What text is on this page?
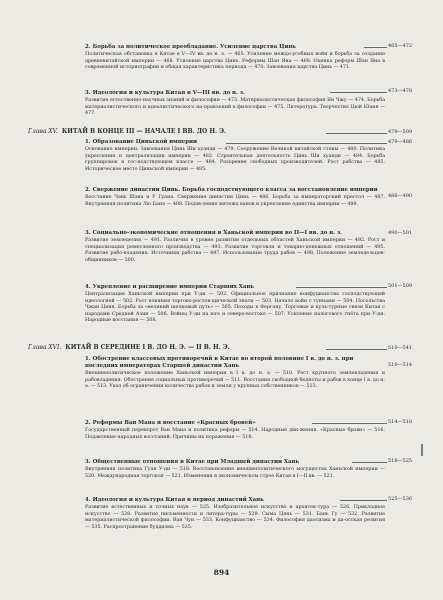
2. Борьба за политическое преобладание. Усиление царства Цинь
Политическая обстановка в Китае в V—IV вв. до н. э. — 465. Усиление междо-усобных войн и борьба за создание древнекитайской империи — 468. Усиление царства Цинь. Реформы Шан Яна — 468. Оценка реформ Шан Яна в современной историографии и общая характеристика периода — 470. Завоевания царства Цинь — 471.
465—472
3. Идеология и культура Китая в V—III вв. до н. э.
Развитие естественно-научных знаний и философии — 473. Материалистическая философия Ян Чжу — 474. Борьба материалистического и идеалистического на-правлений в философии — 475. Литература. Творчество Цюй Юаня — 477.
473—478
Глава XV. КИТАЙ В КОНЦЕ III — НАЧАЛЕ I ВВ. ДО Н. Э.	479—509
1. Образование Циньской империи
Основание империи. Завоевания Цинь Ши хуанди — 479. Сооружение Великой китайской стены — 480. Политика укрепления и централизации империи — 482. Строительная деятельность Цинь Ши хуанди — 484. Борьба группировок в гос-подствующем классе — 484. Разорение свободных производителей. Рост рабства — 485. Историческое место Циньской империи — 485.
479—486
2. Свержение династии Цинь. Борьба господствующего класса за восстановление империи
Восстание Чэнь Шэна и У Гуана. Свержение династии Цинь — 486. Борьба за императорский престол — 487. Внутренняя политика Лю Бана — 488. Подав-ление мятежа ванов и укрепление единства империи — 489.
486—490
3. Социально-экономические отношения в Ханьской империи во II—I вв. до н. э.
Развитие земледелия — 491. Различия в уровне развития отдельных областей Ханьской империи — 492. Рост и специализация ремесленного производства — 493. Развитие торговли и товарно-денежных отношений — 495. Развитие рабо-владения. Источники рабства — 497. Использование труда рабов — 498. Положение земледельцев-общинников — 500.
490—501
4. Укрепление и расширение империи Старших Хань
Централизация Ханьской империи при У-ди — 502. Официальное признание конфуцианства господствующей идеологией — 502. Рост влияния торгово-ростов-щической знати — 503. Начало войн с гуннами — 504. Посольства Чжан Цяня. Борьба за «великий шелковый путь» — 505. Походы в Фергану. Торговые и куль-турные связи Китая с народами Средней Азии — 506. Войны У-ди на юге и северо-востоке — 507. Усиление налогового гнёта при У-ди. Народные восстания — 508.
501—509
Глава XVI. КИТАЙ В СЕРЕДИНЕ I В. ДО Н. Э. — II В. Н. Э.	510—541
1. Обострение классовых противоречий в Китае во второй половине I в. до н. э. при последних императорах Старшей династии Хань
Внешнеполитическое положение Ханьской империи в I в. до н. э. — 510. Рост крупного землевладения и рабовладения. Обострение социальных противоречий — 511. Восстания свободной бедноты и рабов в конце I в. до н. э. — 513. Указ об ограничении количества рабов и земли у крупных собственников — 513.
510—514
2. Реформы Ван Мана и восстание «Красных бровей»
Государственный переворот Ван Мана и политика реформ — 514. Народные дви-жения. «Красные брови» — 516. Подавление народных восстаний. Причины их поражения — 518.
514—518
3. Общественные отношения в Китае при Младшей династии Хань
Внутренняя политика Гуан У-ди — 518. Восстановление внешнеполитического могущества Ханьской империи — 520. Международная торговля — 521. Изменения в экономическом строе Китая в I—II вв. — 521.
518—525
4. Идеология и культура Китая в период династий Хань
Развитие естественных и точных наук — 525. Изобразительное искусство и архитек-тура — 526. Прикладное искусство — 528. Развитие письменности и литера-туры — 529. Сыма Цянь — 531. Бань Гу — 532. Развитие материалистической философии. Ван Чун — 533. Конфуцианство — 534. Философия даосизма и да-осская религия — 535. Распространение буддизма — 535.
525—536
894
